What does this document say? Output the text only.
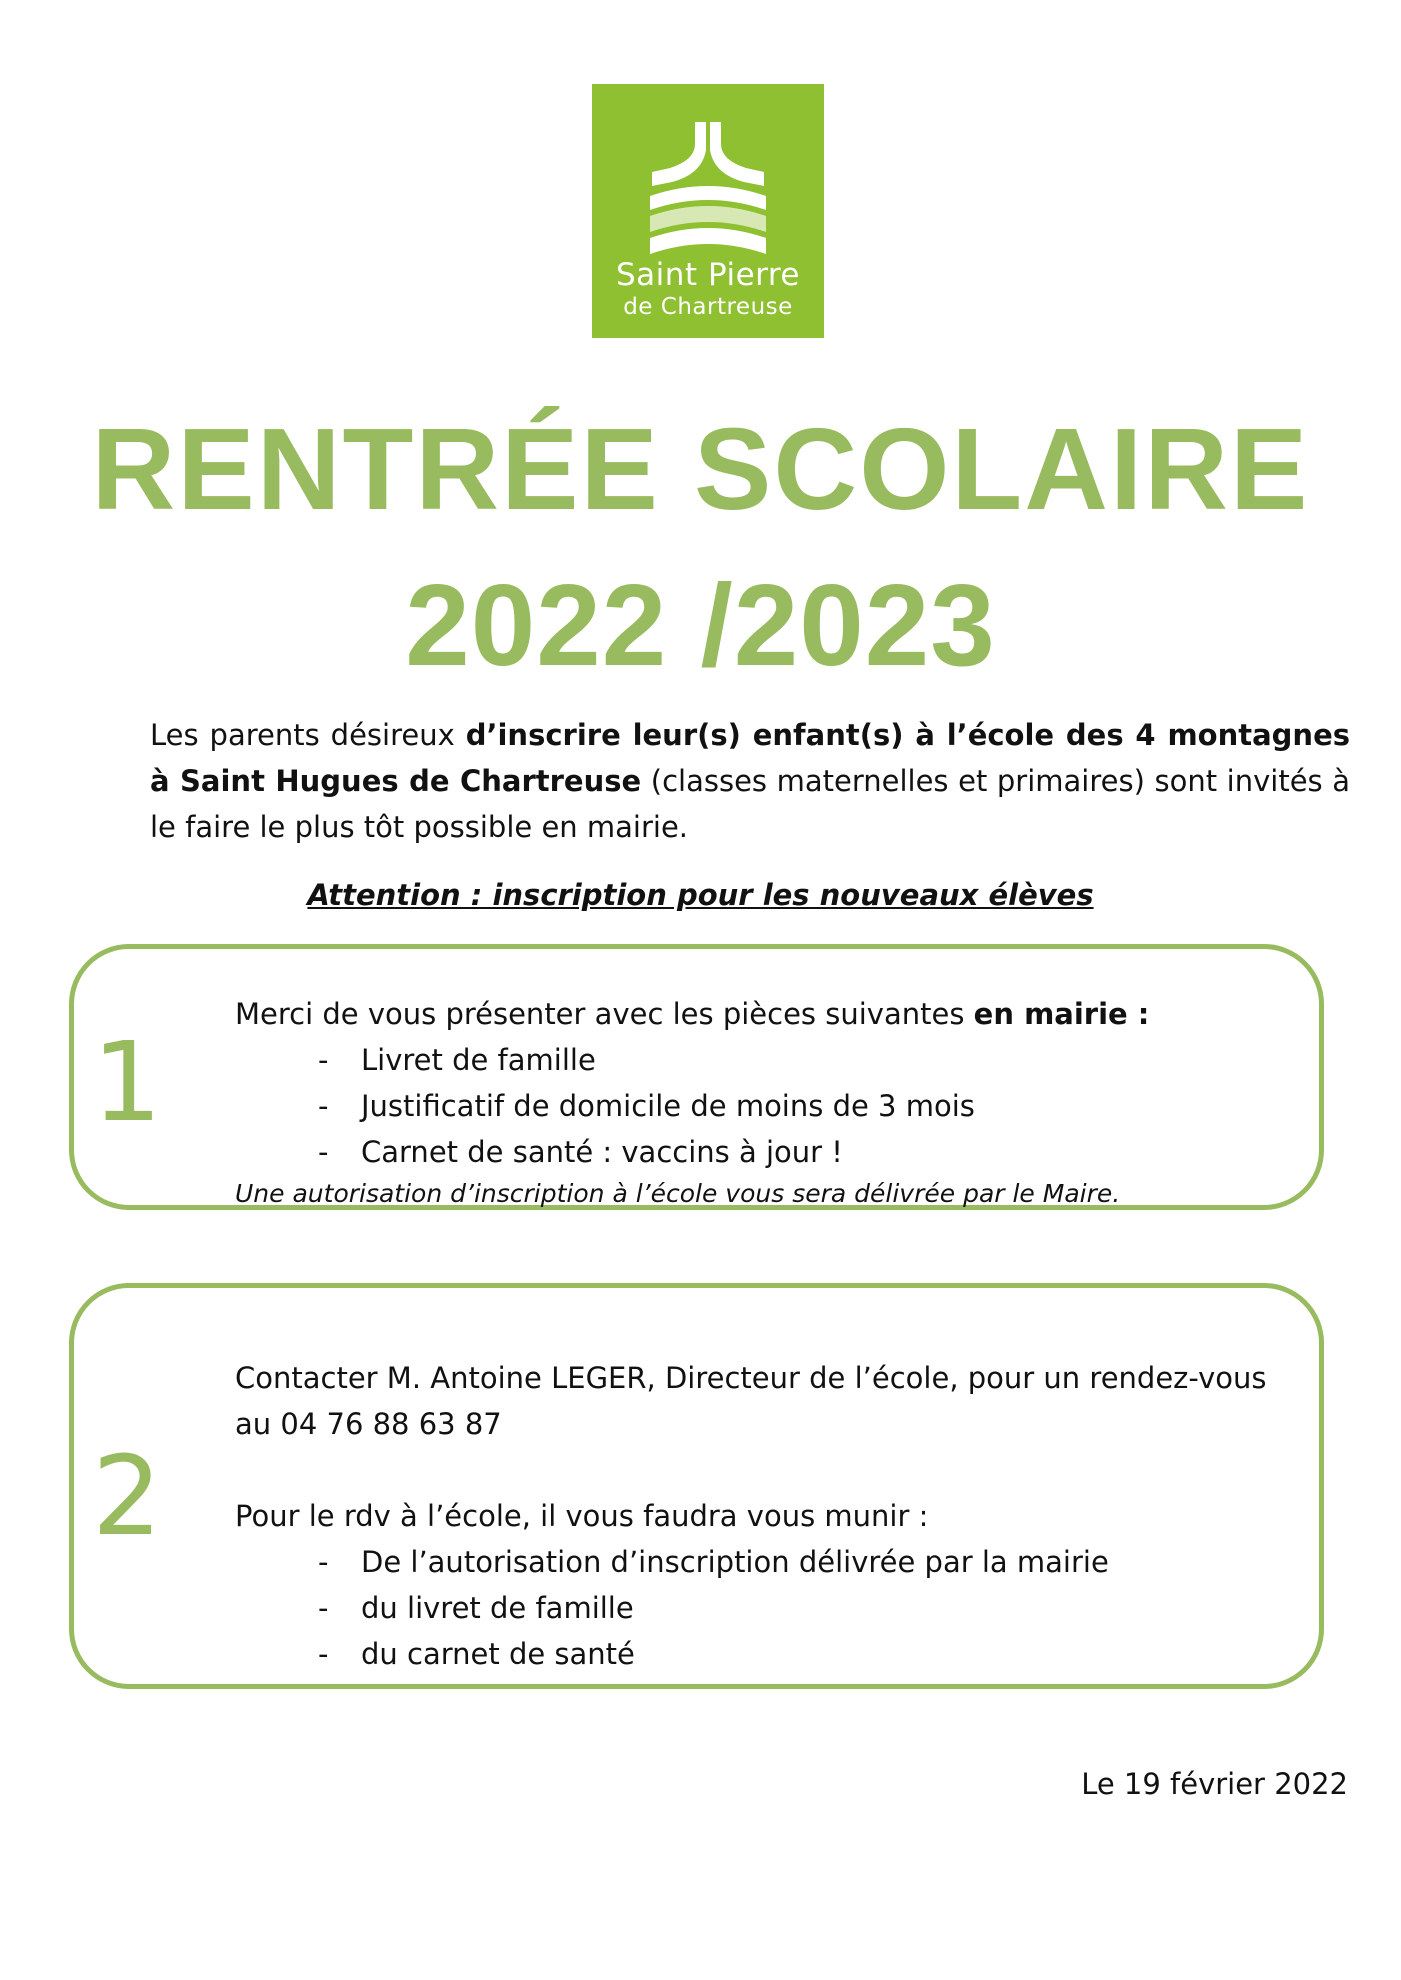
Saint Pierre
de Chartreuse
RENTRÉE SCOLAIRE
2022 /2023

Les parents désireux d’inscrire leur(s) enfant(s) à l’école des 4 montagnes à Saint Hugues de Chartreuse (classes maternelles et primaires) sont invités à le faire le plus tôt possible en mairie.

Attention : inscription pour les nouveaux élèves
1
Merci de vous présenter avec les pièces suivantes en mairie :
- Livret de famille
- Justificatif de domicile de moins de 3 mois
- Carnet de santé : vaccins à jour !
Une autorisation d’inscription à l’école vous sera délivrée par le Maire.
2
Contacter M. Antoine LEGER, Directeur de l’école, pour un rendez-vous
au 04 76 88 63 87
Pour le rdv à l’école, il vous faudra vous munir :
- De l’autorisation d’inscription délivrée par la mairie
- du livret de famille
- du carnet de santé
Le 19 février 2022
